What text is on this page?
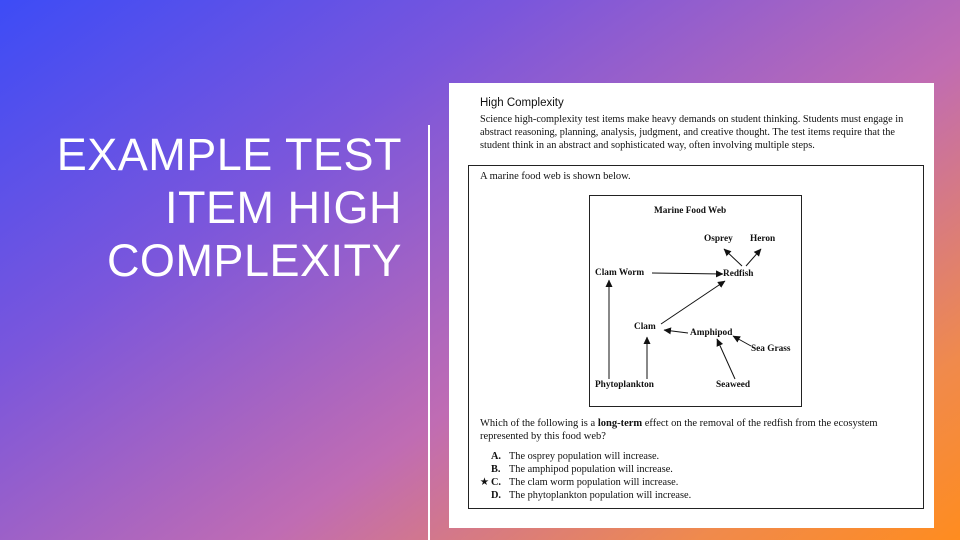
EXAMPLE TEST
ITEM HIGH
COMPLEXITY
High Complexity
Science high-complexity test items make heavy demands on student thinking. Students must engage in abstract reasoning, planning, analysis, judgment, and creative thought. The test items require that the student think in an abstract and sophisticated way, often involving multiple steps.
A marine food web is shown below.
Marine Food Web
Osprey Heron
Clam Worm	Redfish
Clam
Amphipod
Sea Grass
Phytoplankton	Seaweed
Which of the following is a long-term effect on the removal of the redfish from the ecosystem represented by this food web?
A. The osprey population will increase.
B. The amphipod population will increase.
★ C. The clam worm population will increase.
D. The phytoplankton population will increase.
